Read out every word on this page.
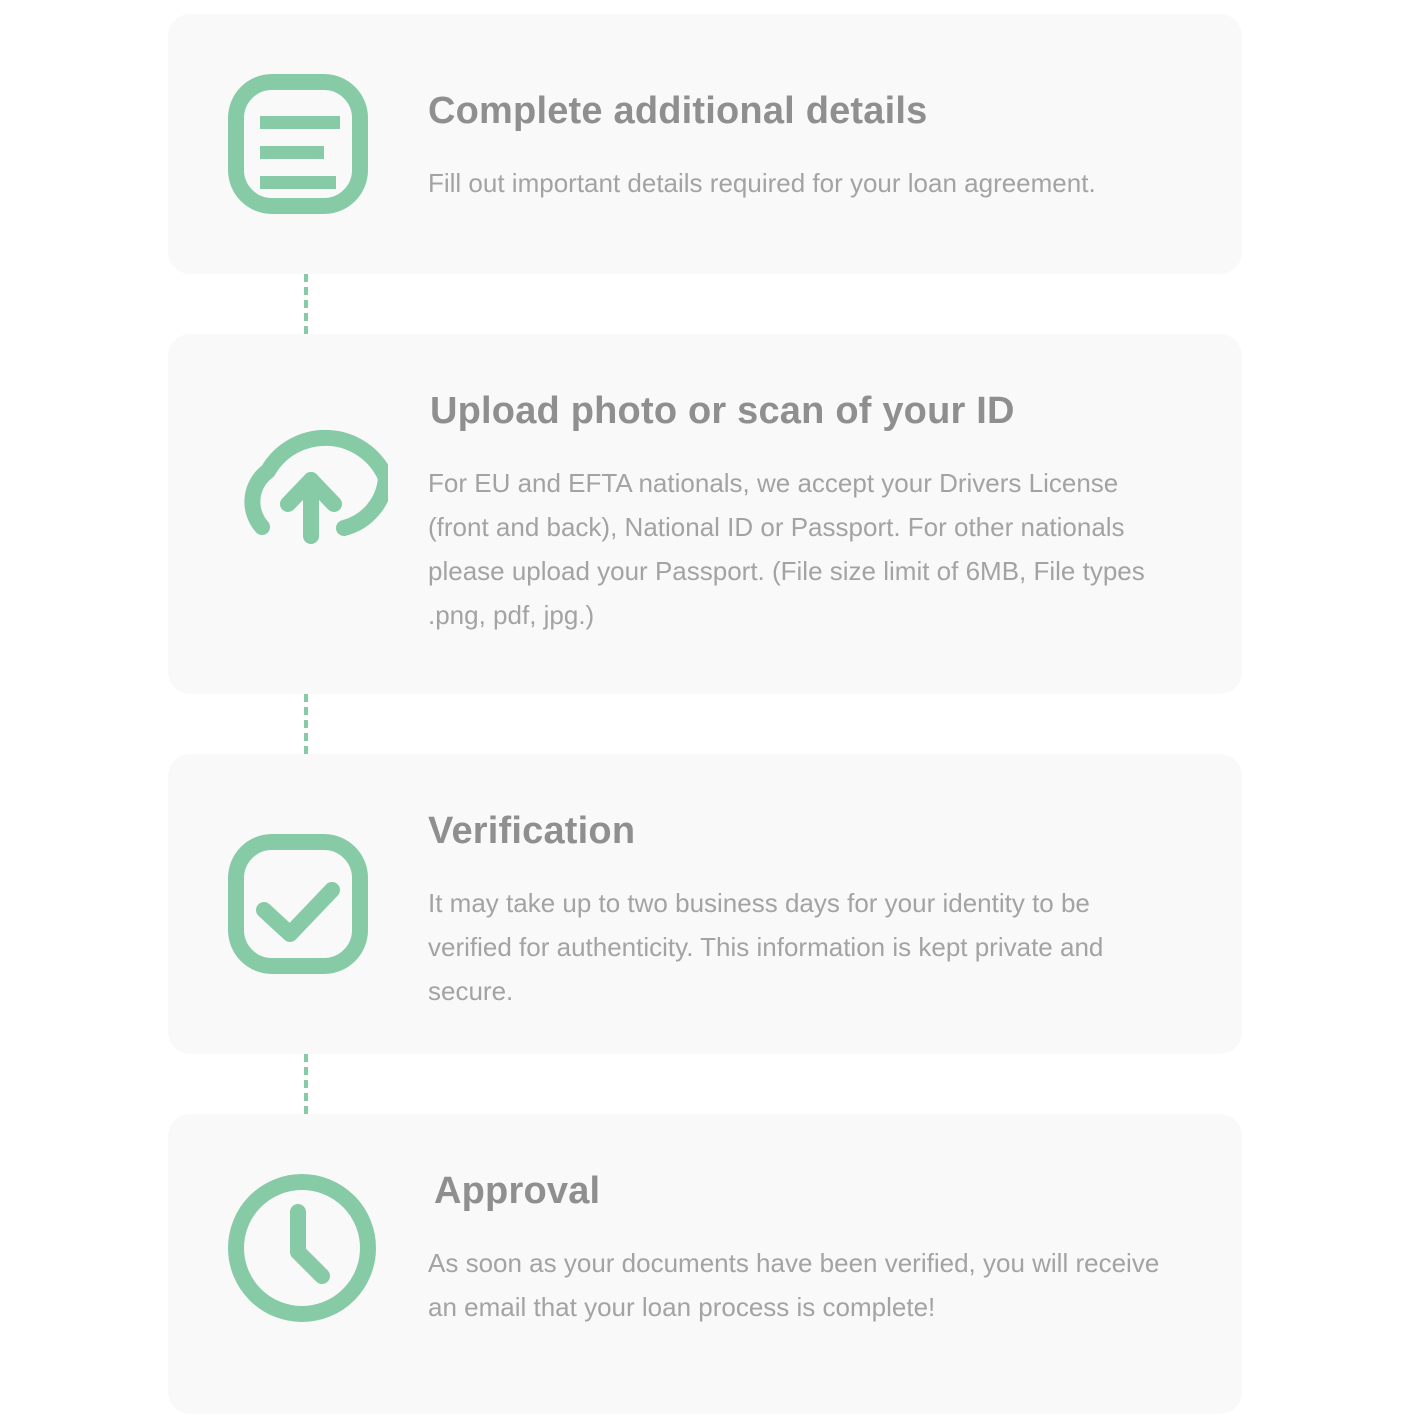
Complete additional details

Fill out important details required for your loan agreement.

Upload photo or scan of your ID

For EU and EFTA nationals, we accept your Drivers License (front and back), National ID or Passport. For other nationals please upload your Passport. (File size limit of 6MB, File types .png, pdf, jpg.)

Verification

It may take up to two business days for your identity to be verified for authenticity. This information is kept private and secure.

Approval

As soon as your documents have been verified, you will receive an email that your loan process is complete!
